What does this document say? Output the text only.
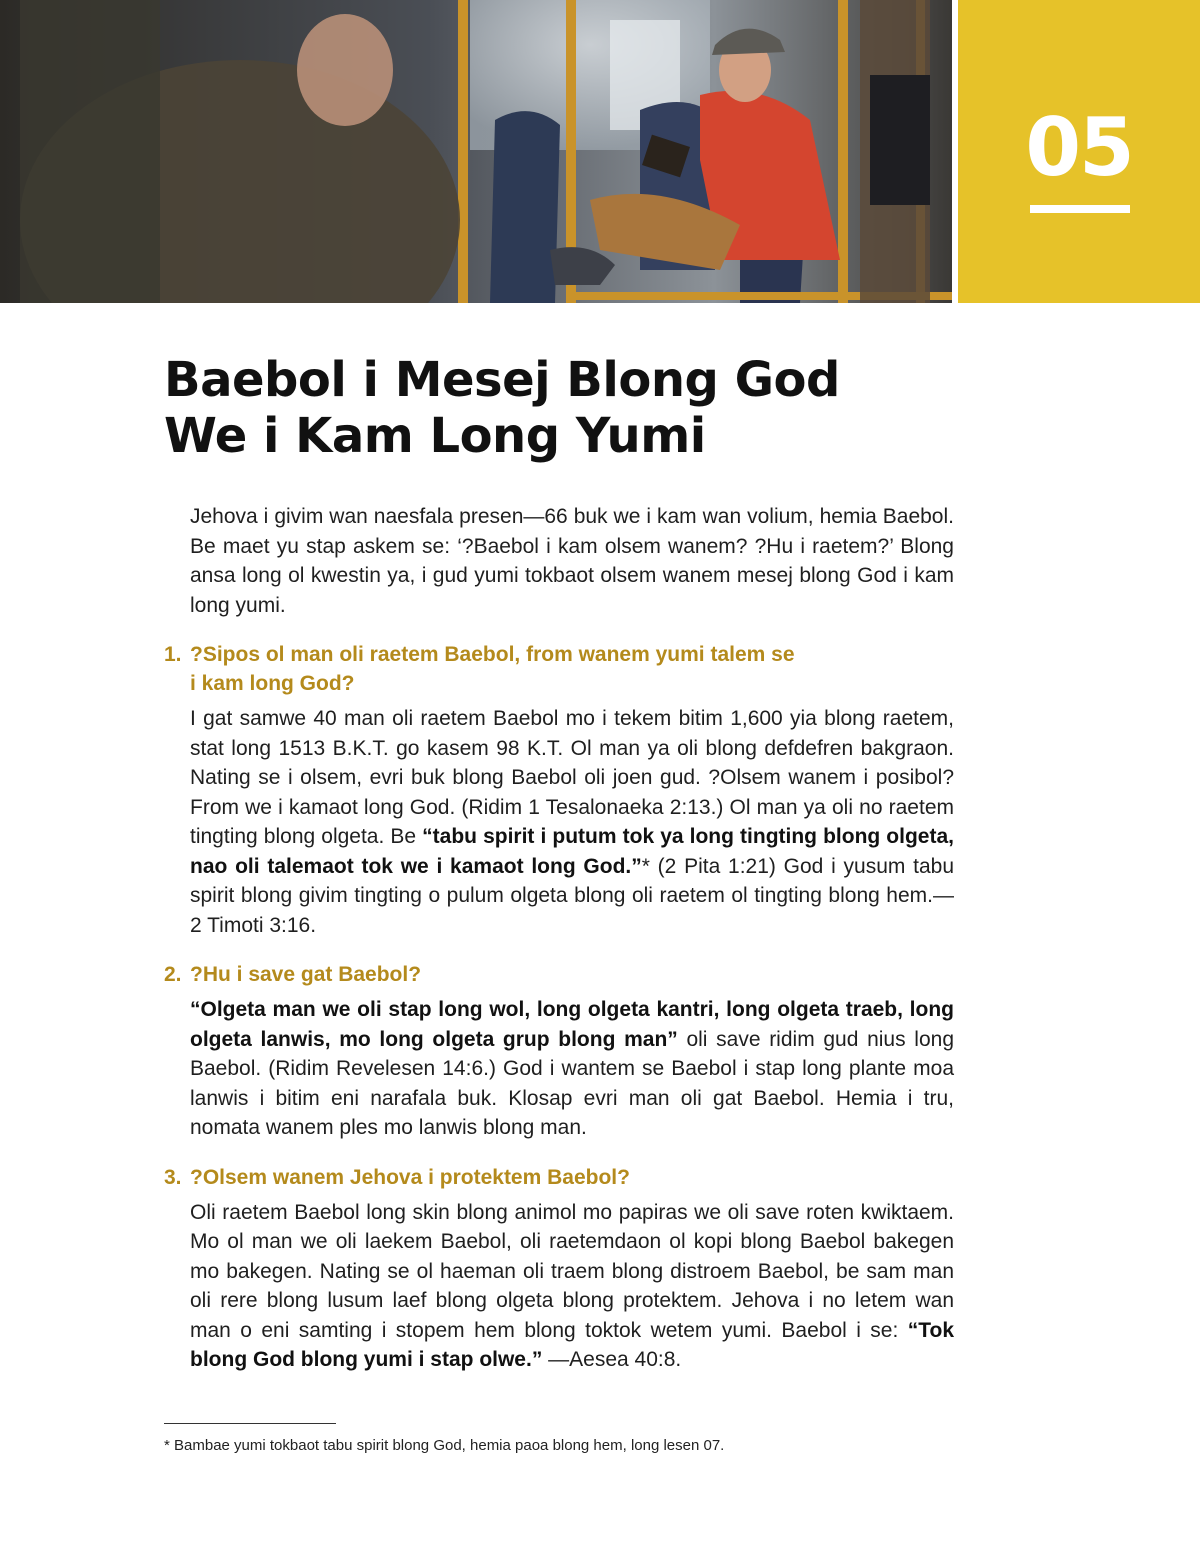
05
Baebol i Mesej Blong God
We i Kam Long Yumi

Jehova i givim wan naesfala presen—66 buk we i kam wan volium, hemia Baebol. Be maet yu stap askem se: ‘?Baebol i kam olsem wanem? ?Hu i raetem?’ Blong ansa long ol kwestin ya, i gud yumi tokbaot olsem wanem mesej blong God i kam long yumi.

1. ?Sipos ol man oli raetem Baebol, from wanem yumi talem se
i kam long God?

I gat samwe 40 man oli raetem Baebol mo i tekem bitim 1,600 yia blong raetem, stat long 1513 B.K.T. go kasem 98 K.T. Ol man ya oli blong defdefren bakgraon. Nating se i olsem, evri buk blong Baebol oli joen gud. ?Olsem wanem i posibol? From we i kamaot long God. (Ridim 1 Tesalonaeka 2:13.) Ol man ya oli no raetem tingting blong olgeta. Be “tabu spirit i putum tok ya long tingting blong olgeta, nao oli talemaot tok we i kamaot long God.”* (2 Pita 1:21) God i yusum tabu spirit blong givim tingting o pulum olgeta blong oli raetem ol tingting blong hem.—2 Timoti 3:16.

2. ?Hu i save gat Baebol?

“Olgeta man we oli stap long wol, long olgeta kantri, long olgeta traeb, long olgeta lanwis, mo long olgeta grup blong man” oli save ridim gud nius long Baebol. (Ridim Revelesen 14:6.) God i wantem se Baebol i stap long plante moa lanwis i bitim eni narafala buk. Klosap evri man oli gat Baebol. Hemia i tru, nomata wanem ples mo lanwis blong man.

3. ?Olsem wanem Jehova i protektem Baebol?

Oli raetem Baebol long skin blong animol mo papiras we oli save roten kwiktaem. Mo ol man we oli laekem Baebol, oli raetemdaon ol kopi blong Baebol bakegen mo bakegen. Nating se ol haeman oli traem blong distroem Baebol, be sam man oli rere blong lusum laef blong olgeta blong protektem. Jehova i no letem wan man o eni samting i stopem hem blong toktok wetem yumi. Baebol i se: “Tok blong God blong yumi i stap olwe.” —Aesea 40:8.

* Bambae yumi tokbaot tabu spirit blong God, hemia paoa blong hem, long lesen 07.
